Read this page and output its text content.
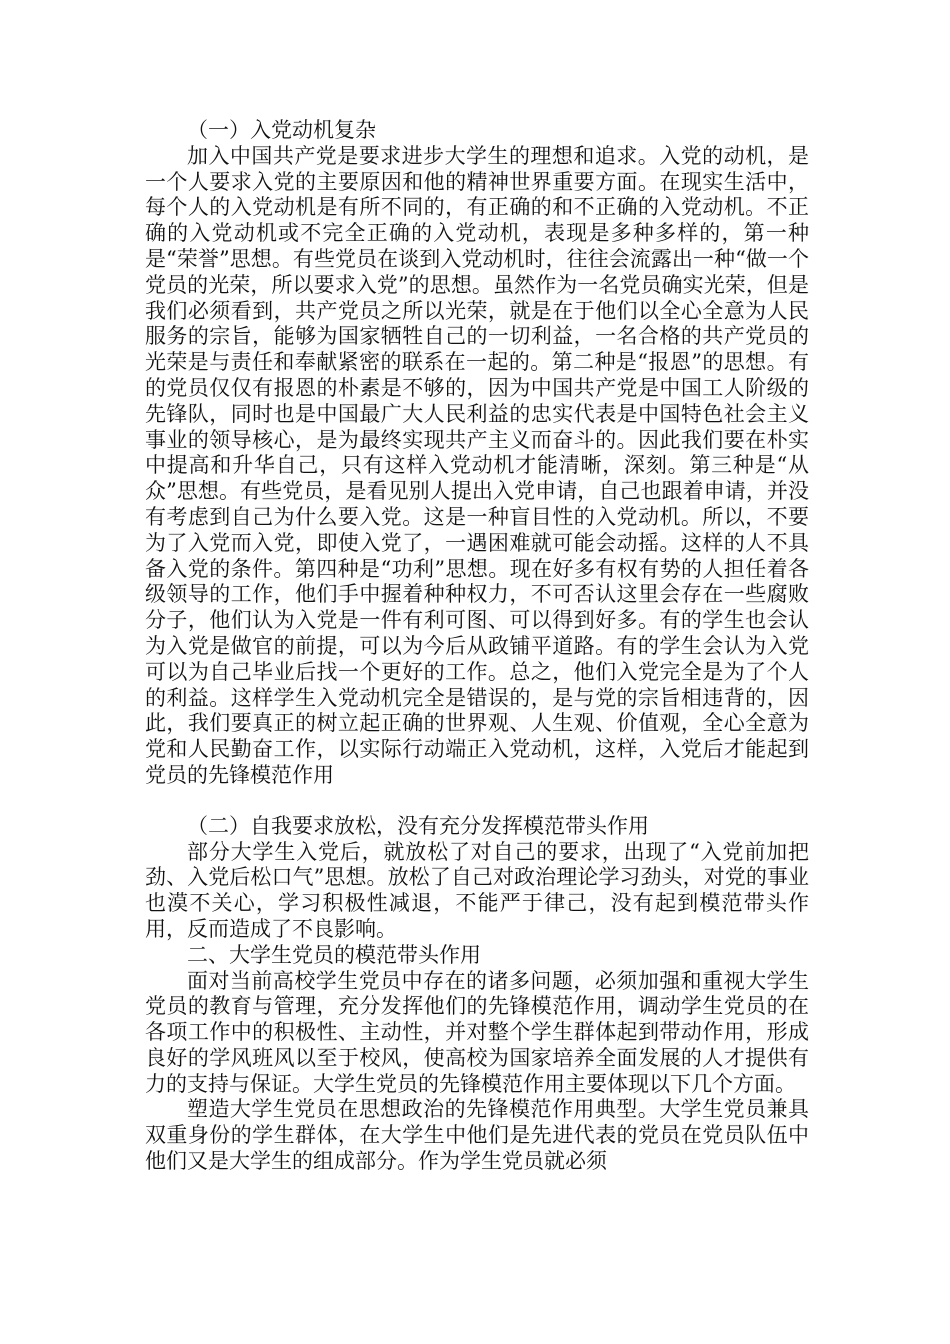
（一）入党动机复杂

加入中国共产党是要求进步大学生的理想和追求。入党的动机，是一个人要求入党的主要原因和他的精神世界重要方面。在现实生活中，每个人的入党动机是有所不同的，有正确的和不正确的入党动机。不正确的入党动机或不完全正确的入党动机，表现是多种多样的，第一种是“荣誉”思想。有些党员在谈到入党动机时，往往会流露出一种“做一个党员的光荣，所以要求入党”的思想。虽然作为一名党员确实光荣，但是我们必须看到，共产党员之所以光荣，就是在于他们以全心全意为人民服务的宗旨，能够为国家牺牲自己的一切利益，一名合格的共产党员的光荣是与责任和奉献紧密的联系在一起的。第二种是“报恩”的思想。有的党员仅仅有报恩的朴素是不够的，因为中国共产党是中国工人阶级的先锋队，同时也是中国最广大人民利益的忠实代表是中国特色社会主义事业的领导核心，是为最终实现共产主义而奋斗的。因此我们要在朴实中提高和升华自己，只有这样入党动机才能清晰，深刻。第三种是“从众”思想。有些党员，是看见别人提出入党申请，自己也跟着申请，并没有考虑到自己为什么要入党。这是一种盲目性的入党动机。所以，不要为了入党而入党，即使入党了，一遇困难就可能会动摇。这样的人不具备入党的条件。第四种是“功利”思想。现在好多有权有势的人担任着各级领导的工作，他们手中握着种种权力，不可否认这里会存在一些腐败分子，他们认为入党是一件有利可图、可以得到好多。有的学生也会认为入党是做官的前提，可以为今后从政铺平道路。有的学生会认为入党可以为自己毕业后找一个更好的工作。总之，他们入党完全是为了个人的利益。这样学生入党动机完全是错误的，是与党的宗旨相违背的，因此，我们要真正的树立起正确的世界观、人生观、价值观，全心全意为党和人民勤奋工作，以实际行动端正入党动机，这样，入党后才能起到党员的先锋模范作用

（二）自我要求放松，没有充分发挥模范带头作用

部分大学生入党后，就放松了对自己的要求，出现了“入党前加把劲、入党后松口气”思想。放松了自己对政治理论学习劲头，对党的事业也漠不关心，学习积极性减退，不能严于律己，没有起到模范带头作用，反而造成了不良影响。

二、大学生党员的模范带头作用

面对当前高校学生党员中存在的诸多问题，必须加强和重视大学生党员的教育与管理，充分发挥他们的先锋模范作用，调动学生党员的在各项工作中的积极性、主动性，并对整个学生群体起到带动作用，形成良好的学风班风以至于校风，使高校为国家培养全面发展的人才提供有力的支持与保证。大学生党员的先锋模范作用主要体现以下几个方面。

塑造大学生党员在思想政治的先锋模范作用典型。大学生党员兼具双重身份的学生群体，在大学生中他们是先进代表的党员在党员队伍中他们又是大学生的组成部分。作为学生党员就必须
